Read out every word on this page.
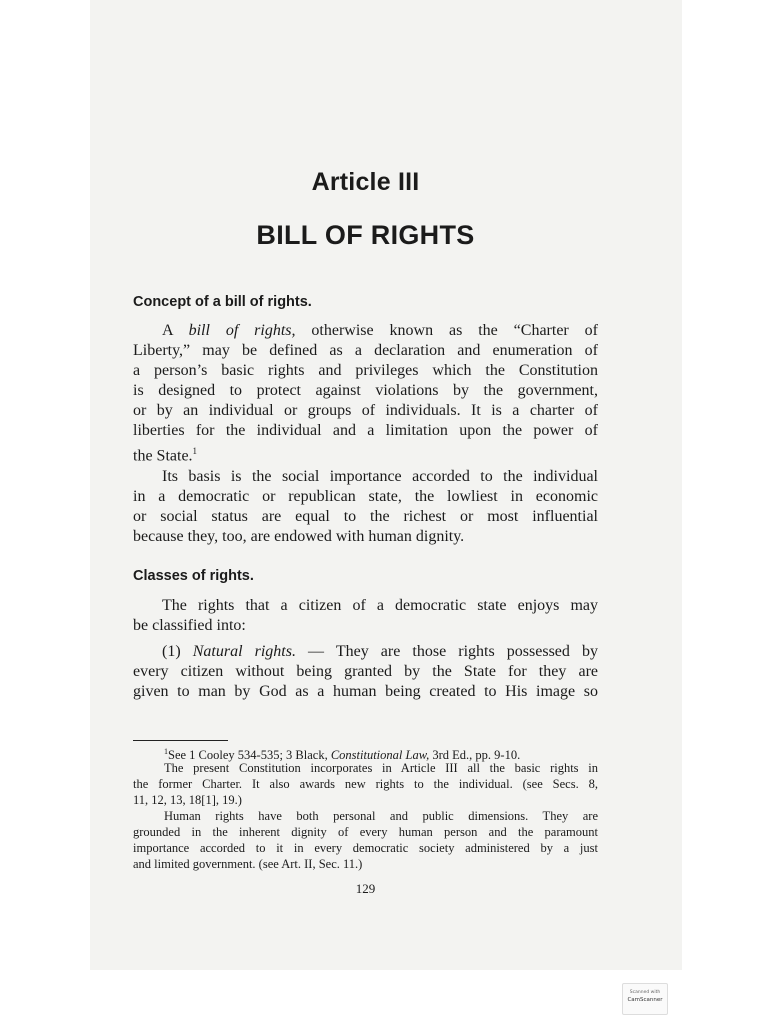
Article III
BILL OF RIGHTS
Concept of a bill of rights.
A bill of rights, otherwise known as the “Charter of
Liberty,” may be defined as a declaration and enumeration of
a person’s basic rights and privileges which the Constitution
is designed to protect against violations by the government,
or by an individual or groups of individuals. It is a charter of
liberties for the individual and a limitation upon the power of
the State.$^1$
Its basis is the social importance accorded to the individual
in a democratic or republican state, the lowliest in economic
or social status are equal to the richest or most influential
because they, too, are endowed with human dignity.
Classes of rights.
The rights that a citizen of a democratic state enjoys may
be classified into:
(1) Natural rights. — They are those rights possessed by
every citizen without being granted by the State for they are
given to man by God as a human being created to His image so
$^1$See 1 Cooley 534-535; 3 Black, Constitutional Law, 3rd Ed., pp. 9-10.
The present Constitution incorporates in Article III all the basic rights in
the former Charter. It also awards new rights to the individual. (see Secs. 8,
11, 12, 13, 18[1], 19.)
Human rights have both personal and public dimensions. They are
grounded in the inherent dignity of every human person and the paramount
importance accorded to it in every democratic society administered by a just
and limited government. (see Art. II, Sec. 11.)
129
Scanned with
CamScanner
